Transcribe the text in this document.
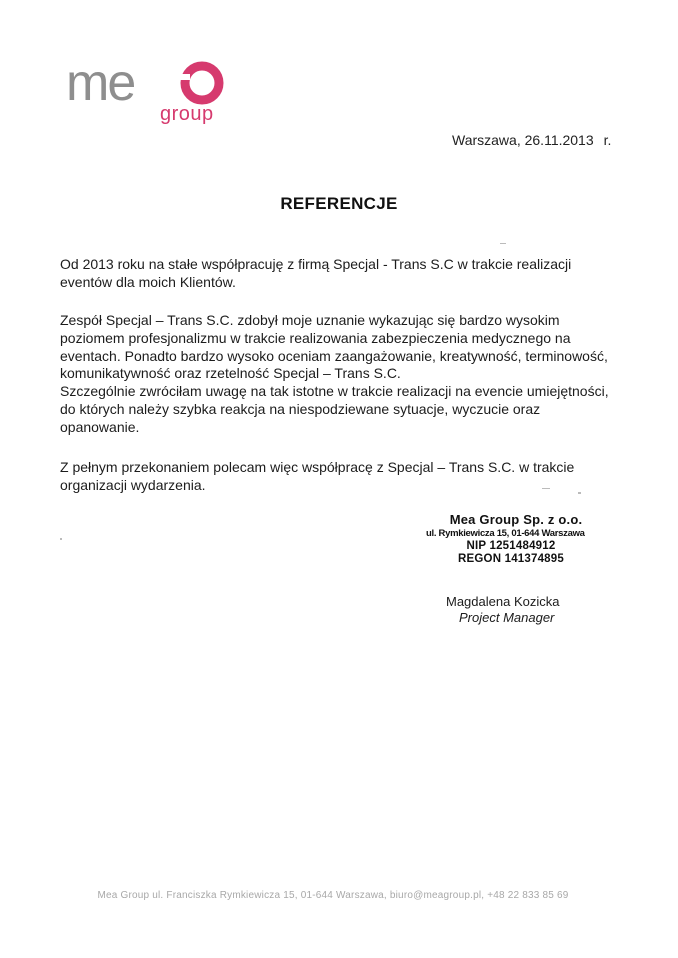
me
group
Warszawa, 26.11.2013 r.
REFERENCJE

Od 2013 roku na stałe współpracuję z firmą Specjal - Trans S.C w trakcie realizacji
eventów dla moich Klientów.

Zespół Specjal – Trans S.C. zdobył moje uznanie wykazując się bardzo wysokim
poziomem profesjonalizmu w trakcie realizowania zabezpieczenia medycznego na
eventach. Ponadto bardzo wysoko oceniam zaangażowanie, kreatywność, terminowość,
komunikatywność oraz rzetelność Specjal – Trans S.C.
Szczególnie zwróciłam uwagę na tak istotne w trakcie realizacji na evencie umiejętności,
do których należy szybka reakcja na niespodziewane sytuacje, wyczucie oraz
opanowanie.

Z pełnym przekonaniem polecam więc współpracę z Specjal – Trans S.C. w trakcie
organizacji wydarzenia.

Mea Group Sp. z o.o.
ul. Rymkiewicza 15, 01-644 Warszawa
NIP 1251484912
REGON 141374895
Magdalena Kozicka
Project Manager
Mea Group ul. Franciszka Rymkiewicza 15, 01-644 Warszawa, biuro@meagroup.pl, +48 22 833 85 69
